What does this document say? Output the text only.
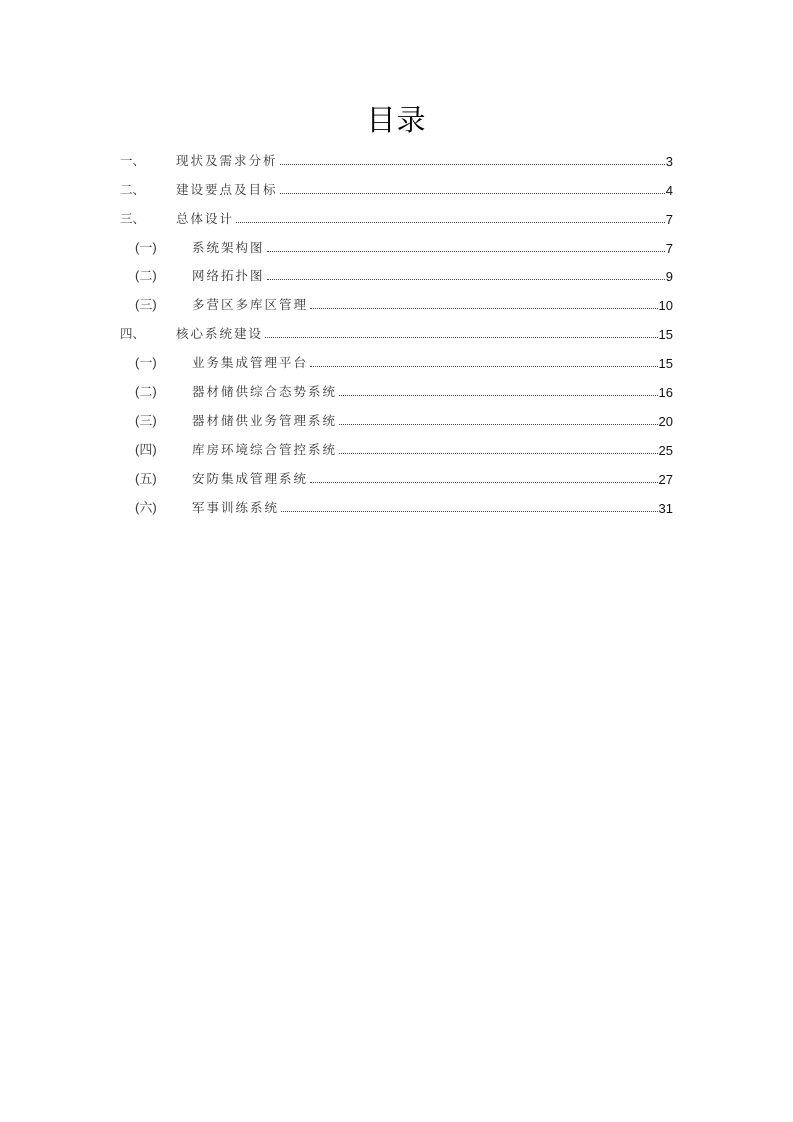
目录
一、	现状及需求分析	3
二、	建设要点及目标	4
三、	总体设计	7
(一)	系统架构图	7
(二)	网络拓扑图	9
(三)	多营区多库区管理	10
四、	核心系统建设	15
(一)	业务集成管理平台	15
(二)	器材储供综合态势系统	16
(三)	器材储供业务管理系统	20
(四)	库房环境综合管控系统	25
(五)	安防集成管理系统	27
(六)	军事训练系统	31
